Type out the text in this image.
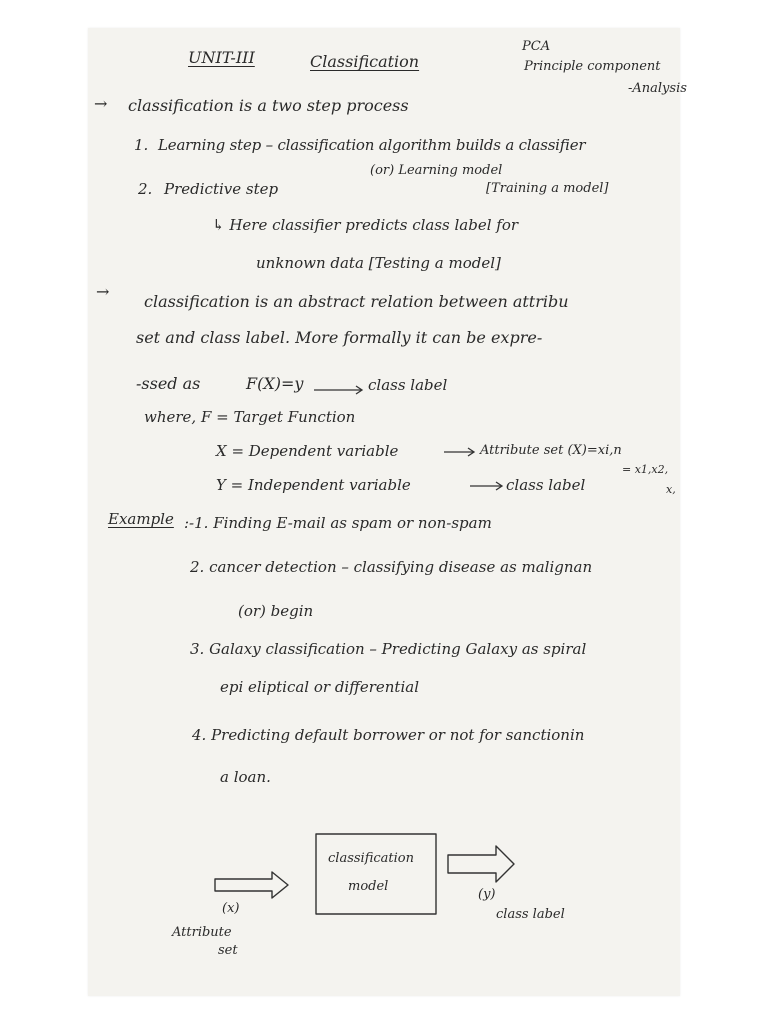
UNIT-III	Classification
PCA
Principle component
-Analysis
→ classification is a two step process
1. Learning step – classification algorithm builds a classifier
(or) Learning model
[Training a model]
2. Predictive step
↳ Here classifier predicts class label for
unknown data [Testing a model]
→
classification is an abstract relation between attribu
set and class label. More formally it can be expre-
-ssed as	F(X)=y	class label
where, F = Target Function
X = Dependent variable	Attribute set (X)=xi,n
= x1,x2,
x,
Y = Independent variable	class label
Example :-1. Finding E-mail as spam or non-spam
2. cancer detection – classifying disease as malignan
(or) begin
3. Galaxy classification – Predicting Galaxy as spiral
epi eliptical or differential
4. Predicting default borrower or not for sanctionin
a loan.
classification
model
(x)
Attribute
set
(y)
class label
